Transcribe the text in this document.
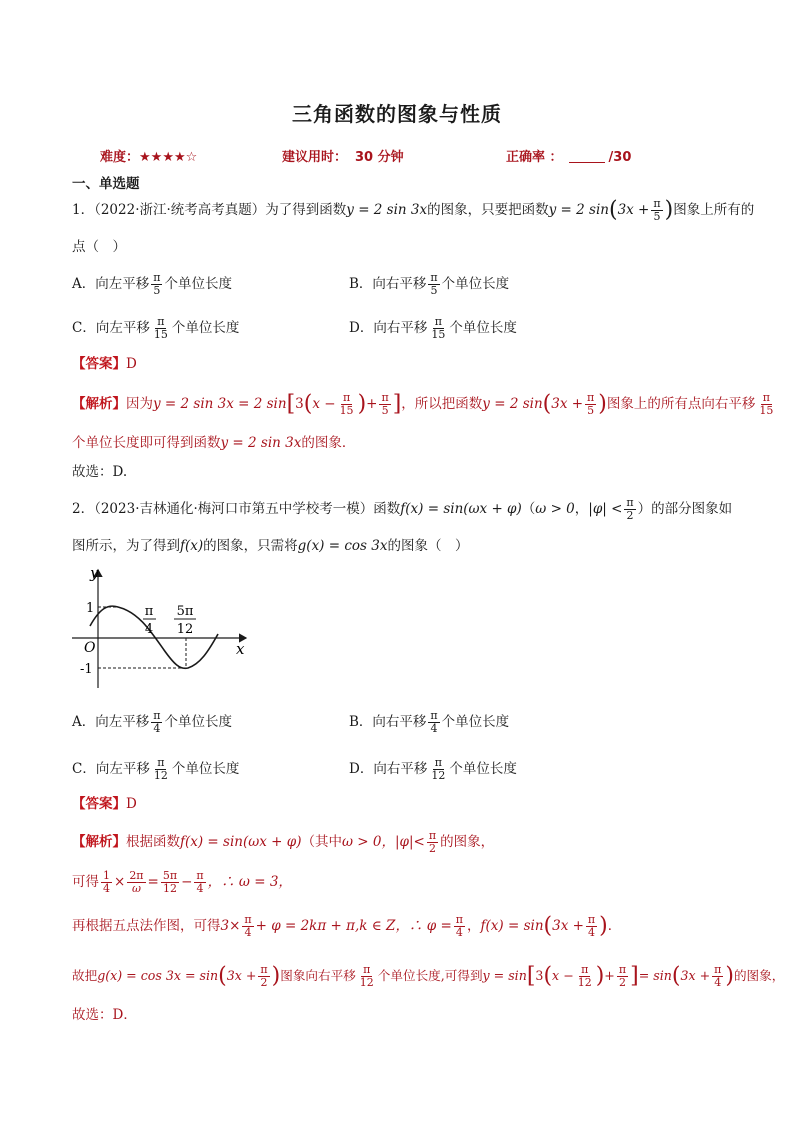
三角函数的图象与性质
难度：★★★★☆	建议用时： 30 分钟	正确率 ：	/30
一、单选题
1．（2022·浙江·统考高考真题）为了得到函数y = 2 sin 3x的图象，只要把函数y = 2 $\sin(3x + \frac{\pi}{5}$ )图象上所有的
点（　）
A．向左平移 $\frac{\pi}{5}$ 个单位长度	B．向右平移 $\frac{\pi}{5}$ 个单位长度
C．向左平移 $\frac{\pi}{15}$ 个单位长度	D．向右平移 $\frac{\pi}{15}$ 个单位长度
【答案】D
【解析】因为y = 2 sin 3x = 2 $\sin[3(x - \frac{\pi}{15}$ )+ $\frac{\pi}{5}$ ]，所以把函数y = 2 $\sin(3x + \frac{\pi}{5}$ )图象上的所有点向右平移 $\frac{\pi}{15}$
个单位长度即可得到函数y = 2 sin 3x的图象．
故选：D.
2．（2023·吉林通化·梅河口市第五中学校考一模）函数f(x) = sin(ωx + φ)（ω > 0，$|\varphi| < \frac{\pi}{2}$ ）的部分图象如
图所示，为了得到f(x)的图象，只需将g(x) = cos 3x的图象（　）
y
x
O
1
-1
π
4
5π
12
A．向左平移 $\frac{\pi}{4}$ 个单位长度	B．向右平移 $\frac{\pi}{4}$ 个单位长度
C．向左平移 $\frac{\pi}{12}$ 个单位长度	D．向右平移 $\frac{\pi}{12}$ 个单位长度
【答案】D
【解析】根据函数f(x) = sin(ωx + φ)（其中ω > 0，$|\varphi|< \frac{\pi}{2}$ 的图象，
可得 $\frac{1}{4} \times \frac{2\pi}{\omega} = \frac{5\pi}{12} - \frac{\pi}{4}$ ，∴ ω = 3，
再根据五点法作图，可得$3\times \frac{\pi}{4} + \varphi = 2k\pi + \pi,k$ ∈ Z，∴ $\varphi = \frac{\pi}{4}$ ，$f(x) = \sin(3x + \frac{\pi}{4}$ )．
故把$g(x) = \cos 3x = \sin(3x + \frac{\pi}{2}$ )图象向右平移 $\frac{\pi}{12}$ 个单位长度,可得到$y = \sin[3(x - \frac{\pi}{12}$ )+ $\frac{\pi}{2}$ ]= $\sin(3x + \frac{\pi}{4}$ )的图象，
故选：D．
